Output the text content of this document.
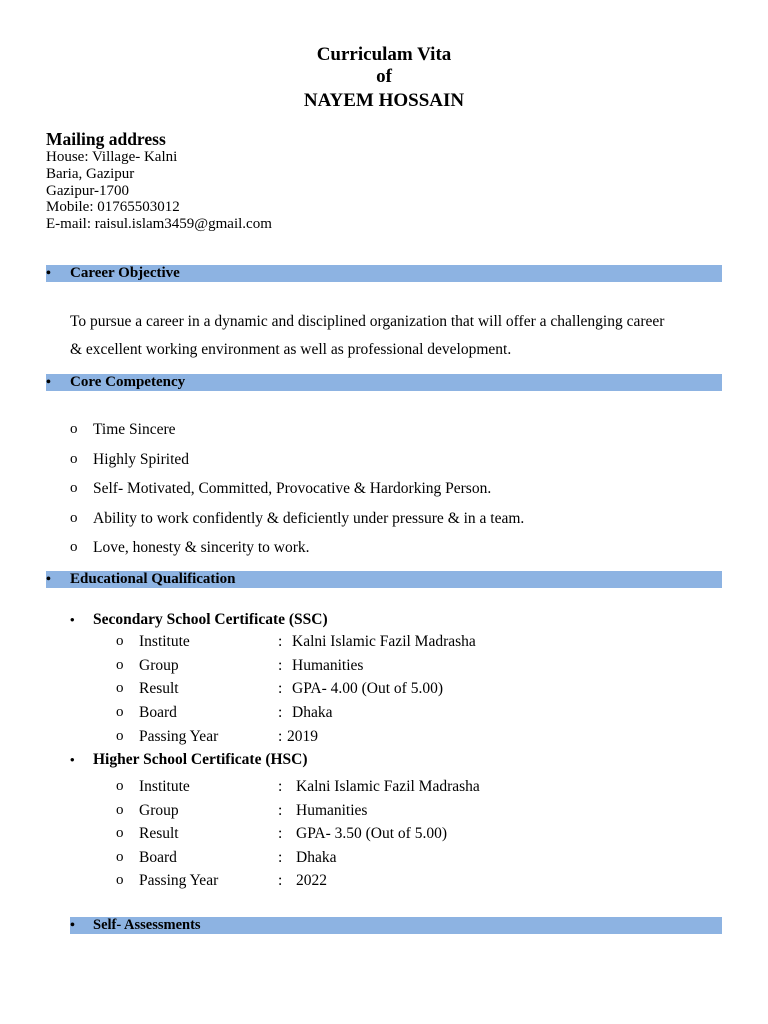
Curriculam Vita
of
NAYEM HOSSAIN
Mailing address
House: Village- Kalni
Baria, Gazipur
Gazipur-1700
Mobile: 01765503012
E-mail: raisul.islam3459@gmail.com
•	Career Objective
To pursue a career in a dynamic and disciplined organization that will offer a challenging career
& excellent working environment as well as professional development.
•	Core Competency
o Time Sincere
o Highly Spirited
o Self- Motivated, Committed, Provocative & Hardorking Person.
o Ability to work confidently & deficiently under pressure & in a team.
o Love, honesty & sincerity to work.
•	Educational Qualification
• Secondary School Certificate (SSC)
o Institute	: Kalni Islamic Fazil Madrasha
o Group	: Humanities
o Result	: GPA- 4.00 (Out of 5.00)
o Board	: Dhaka
o Passing Year	: 2019
• Higher School Certificate (HSC)
o Institute	: Kalni Islamic Fazil Madrasha
o Group	: Humanities
o Result	: GPA- 3.50 (Out of 5.00)
o Board	: Dhaka
o Passing Year	: 2022
•	Self- Assessments
